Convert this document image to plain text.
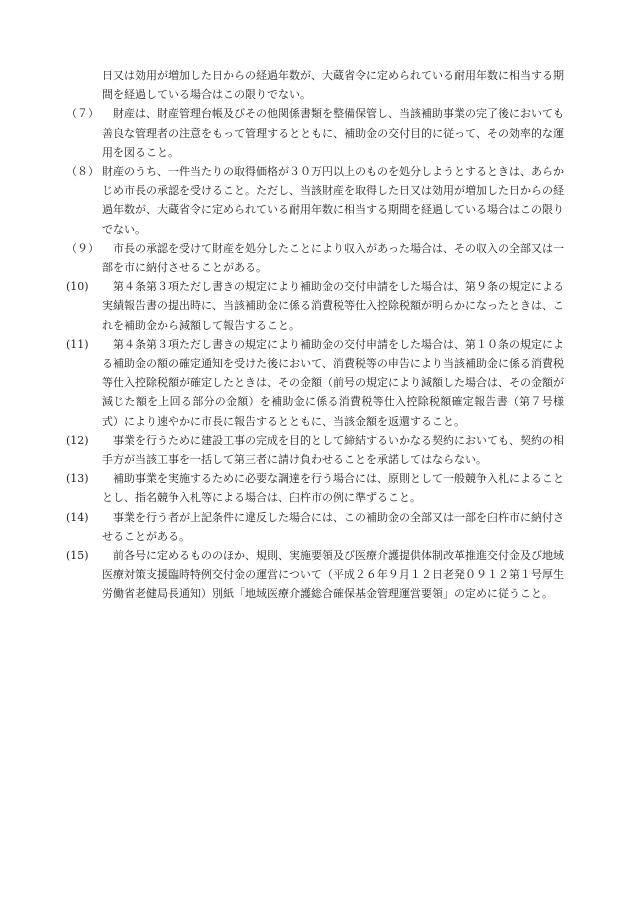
日又は効用が増加した日からの経過年数が、大蔵省令に定められている耐用年数に相当する期間を経過している場合はこの限りでない。
（７）	財産は、財産管理台帳及びその他関係書類を整備保管し、当該補助事業の完了後においても善良な管理者の注意をもって管理するとともに、補助金の交付目的に従って、その効率的な運用を図ること。
（８） 財産のうち、一件当たりの取得価格が３０万円以上のものを処分しようとするときは、あらかじめ市長の承認を受けること。ただし、当該財産を取得した日又は効用が増加した日からの経過年数が、大蔵省令に定められている耐用年数に相当する期間を経過している場合はこの限りでない。
（９）	市長の承認を受けて財産を処分したことにより収入があった場合は、その収入の全部又は一部を市に納付させることがある。
(10)	第４条第３項ただし書きの規定により補助金の交付申請をした場合は、第９条の規定による実績報告書の提出時に、当該補助金に係る消費税等仕入控除税額が明らかになったときは、これを補助金から減額して報告すること。
(11)	第４条第３項ただし書きの規定により補助金の交付申請をした場合は、第１０条の規定による補助金の額の確定通知を受けた後において、消費税等の申告により当該補助金に係る消費税等仕入控除税額が確定したときは、その金額（前号の規定により減額した場合は、その金額が減じた額を上回る部分の金額）を補助金に係る消費税等仕入控除税額確定報告書（第７号様式）により速やかに市長に報告するとともに、当該金額を返還すること。
(12)	事業を行うために建設工事の完成を目的として締結するいかなる契約においても、契約の相手方が当該工事を一括して第三者に請け負わせることを承諾してはならない。
(13)	補助事業を実施するために必要な調達を行う場合には、原則として一般競争入札によることとし、指名競争入札等による場合は、臼杵市の例に準ずること。
(14)	事業を行う者が上記条件に違反した場合には、この補助金の全部又は一部を臼杵市に納付させることがある。
(15)	前各号に定めるもののほか、規則、実施要領及び医療介護提供体制改革推進交付金及び地域医療対策支援臨時特例交付金の運営について（平成２６年９月１２日老発０９１２第１号厚生労働省老健局長通知）別紙「地域医療介護総合確保基金管理運営要領」の定めに従うこと。
